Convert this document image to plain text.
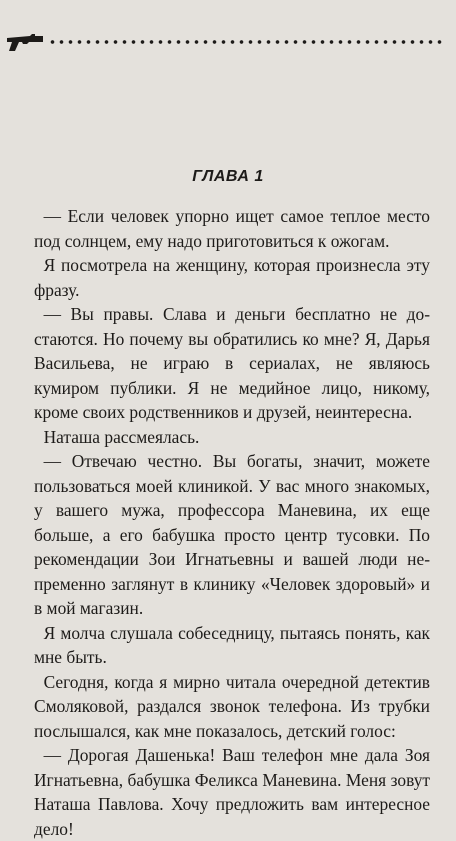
ГЛАВА 1

— Если человек упорно ищет самое теплое место под солнцем, ему надо приготовиться к ожогам.

Я посмотрела на женщину, которая произнесла эту фразу.

— Вы правы. Слава и деньги бесплатно не достаются. Но почему вы обратились ко мне? Я, Дарья Васильева, не играю в сериалах, не являюсь кумиром публики. Я не медийное лицо, никому, кроме своих родственников и друзей, неинтересна.

Наташа рассмеялась.

— Отвечаю честно. Вы богаты, значит, можете пользоваться моей клиникой. У вас много знакомых, у вашего мужа, профессора Маневина, их еще больше, а его бабушка просто центр тусовки. По рекомендации Зои Игнатьевны и вашей люди непременно заглянут в клинику «Человек здоровый» и в мой магазин.

Я молча слушала собеседницу, пытаясь понять, как мне быть.

Сегодня, когда я мирно читала очередной детектив Смоляковой, раздался звонок телефона. Из трубки послышался, как мне показалось, детский голос:

— Дорогая Дашенька! Ваш телефон мне дала Зоя Игнатьевна, бабушка Феликса Маневина. Меня зовут Наташа Павлова. Хочу предложить вам интересное дело!
